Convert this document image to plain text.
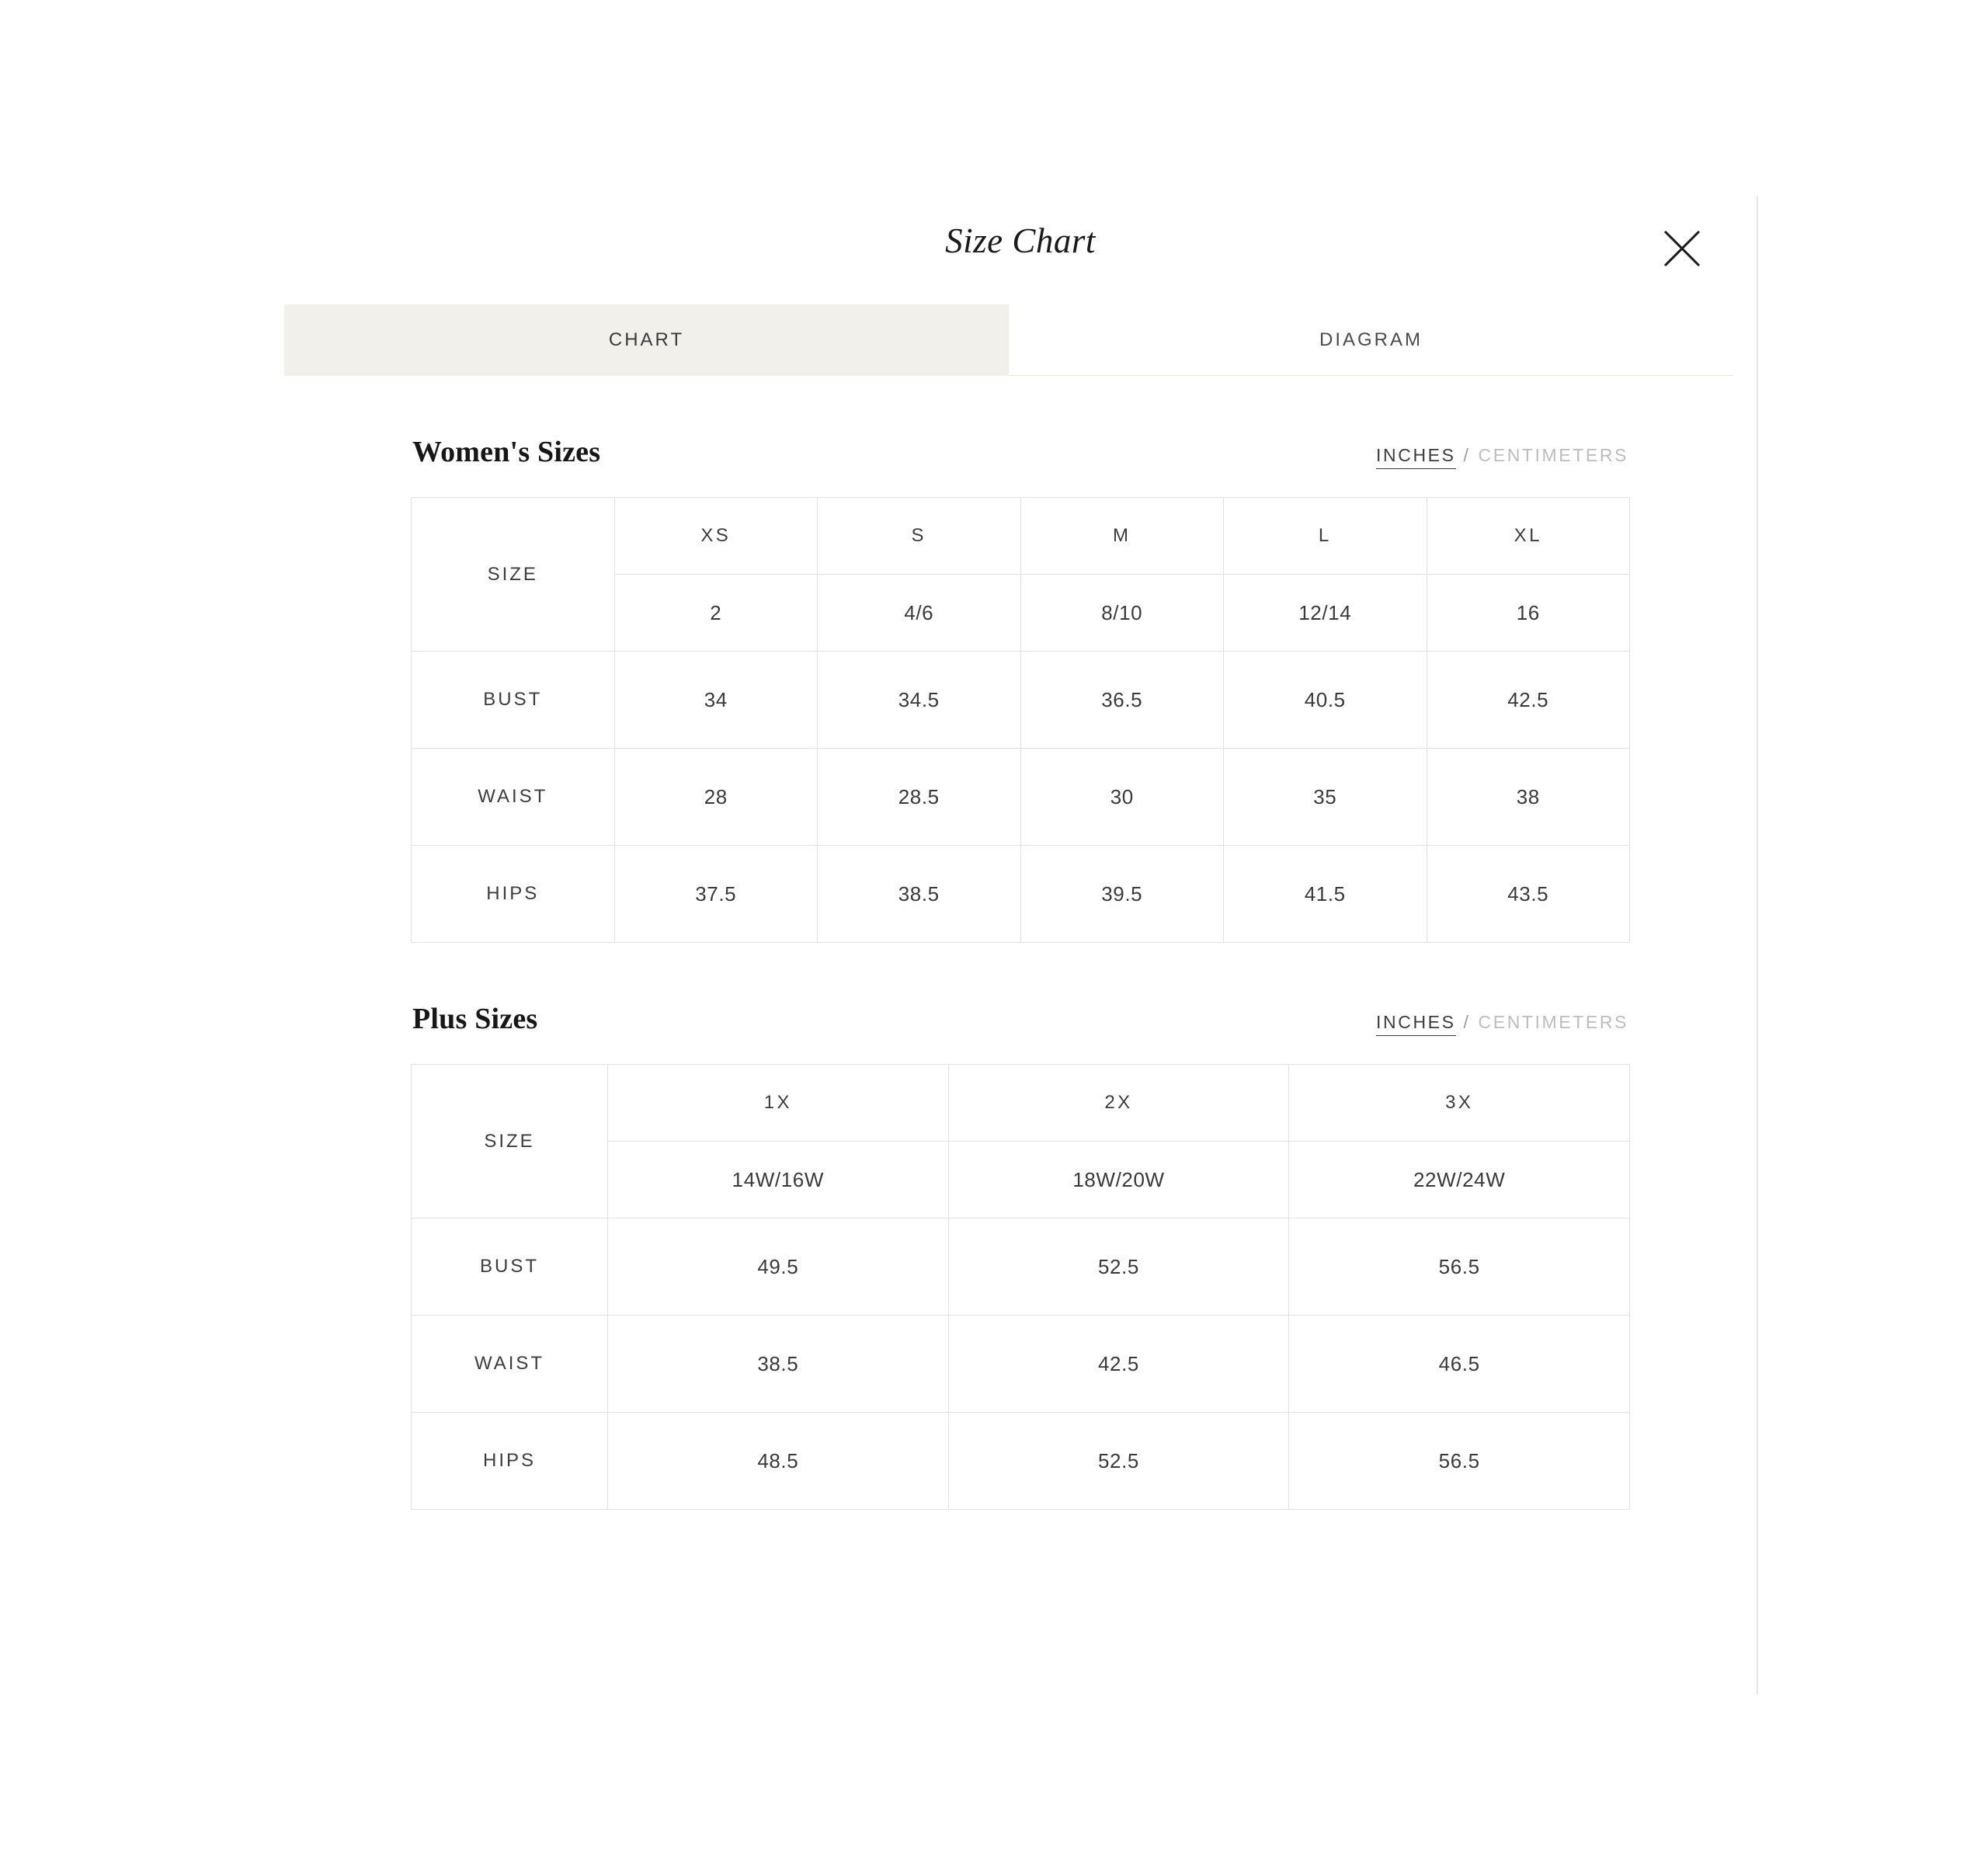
Size Chart
CHART	DIAGRAM
Women's Sizes	INCHES / CENTIMETERS
SIZE	XS	S	M	L	XL
	2	4/6	8/10	12/14	16
BUST	34	34.5	36.5	40.5	42.5
WAIST	28	28.5	30	35	38
HIPS	37.5	38.5	39.5	41.5	43.5
Plus Sizes	INCHES / CENTIMETERS
SIZE	1X	2X	3X
	14W/16W	18W/20W	22W/24W
BUST	49.5	52.5	56.5
WAIST	38.5	42.5	46.5
HIPS	48.5	52.5	56.5
